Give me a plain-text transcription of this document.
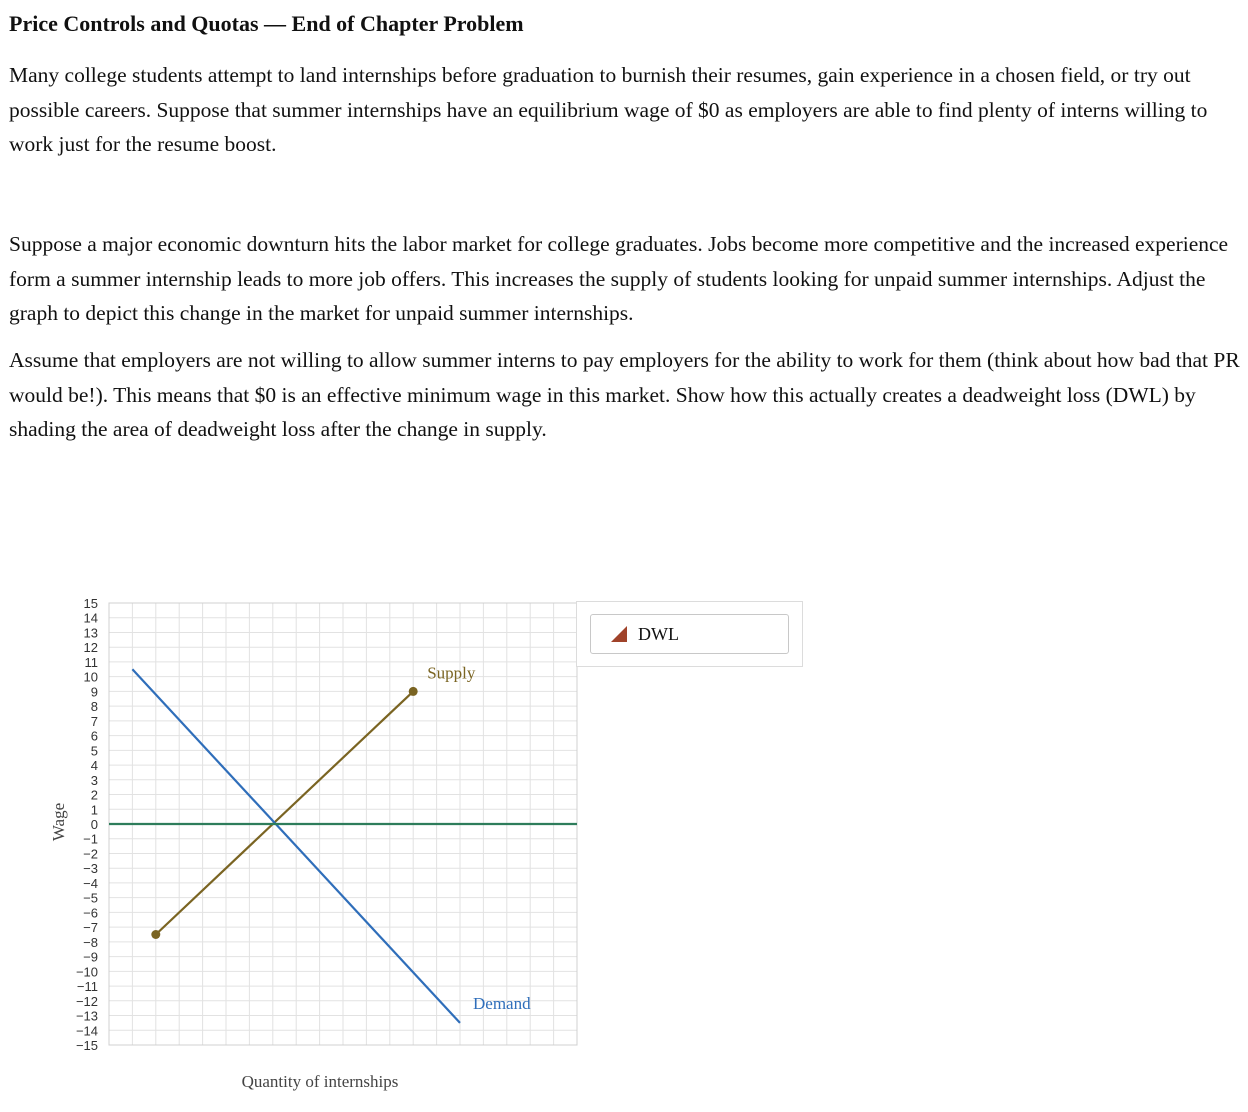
Price Controls and Quotas — End of Chapter Problem

Many college students attempt to land internships before graduation to burnish their resumes, gain experience in a chosen field, or try out possible careers. Suppose that summer internships have an equilibrium wage of $0 as employers are able to find plenty of interns willing to work just for the resume boost.

Suppose a major economic downturn hits the labor market for college graduates. Jobs become more competitive and the increased experience form a summer internship leads to more job offers. This increases the supply of students looking for unpaid summer internships. Adjust the graph to depict this change in the market for unpaid summer internships.

Assume that employers are not willing to allow summer interns to pay employers for the ability to work for them (think about how bad that PR would be!). This means that $0 is an effective minimum wage in this market. Show how this actually creates a deadweight loss (DWL) by shading the area of deadweight loss after the change in supply.

15
14
13
12
11
10
9
8
7
6
5
4
3
2
1
0
−1
−2
−3
−4
−5
−6
−7
−8
−9
−10
−11
−12
−13
−14
−15
Supply
Demand
Quantity of internships
Wage
DWL
